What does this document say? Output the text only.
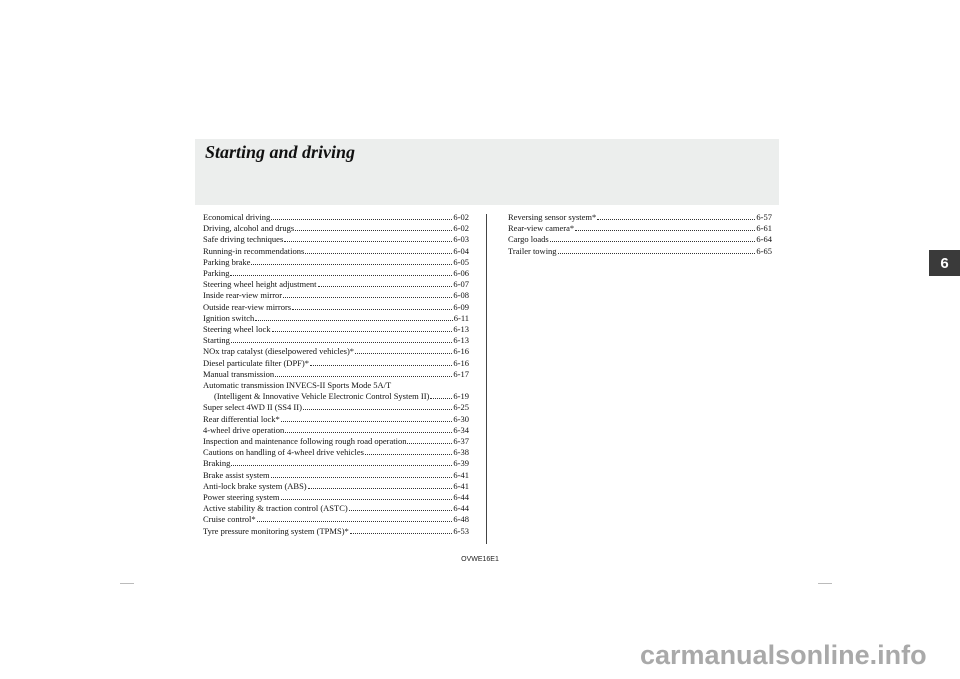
Starting and driving
Economical driving	6-02
Driving, alcohol and drugs	6-02
Safe driving techniques	6-03
Running-in recommendations	6-04
Parking brake	6-05
Parking	6-06
Steering wheel height adjustment	6-07
Inside rear-view mirror	6-08
Outside rear-view mirrors	6-09
Ignition switch	6-11
Steering wheel lock	6-13
Starting	6-13
NOx trap catalyst (dieselpowered vehicles)*	6-16
Diesel particulate filter (DPF)*	6-16
Manual transmission	6-17
Automatic transmission INVECS-II Sports Mode 5A/T
(Intelligent & Innovative Vehicle Electronic Control System II)	6-19
Super select 4WD II (SS4 II)	6-25
Rear differential lock*	6-30
4-wheel drive operation	6-34
Inspection and maintenance following rough road operation	6-37
Cautions on handling of 4-wheel drive vehicles	6-38
Braking	6-39
Brake assist system	6-41
Anti-lock brake system (ABS)	6-41
Power steering system	6-44
Active stability & traction control (ASTC)	6-44
Cruise control*	6-48
Tyre pressure monitoring system (TPMS)*	6-53
Reversing sensor system*	6-57
Rear-view camera*	6-61
Cargo loads	6-64
Trailer towing	6-65
6
OVWE16E1
carmanualsonline.info
